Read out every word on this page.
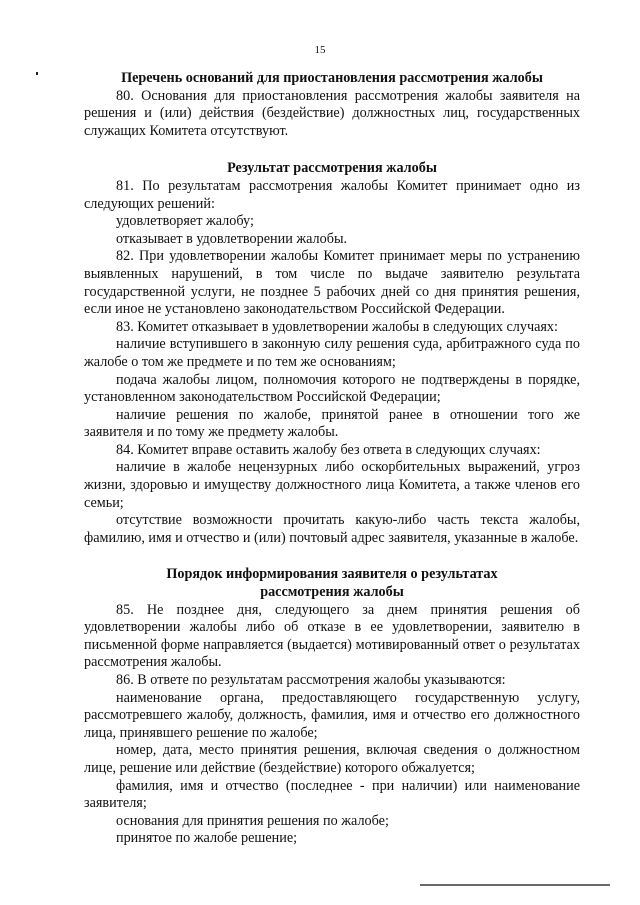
15
Перечень оснований для приостановления рассмотрения жалобы

80. Основания для приостановления рассмотрения жалобы заявителя на решения и (или) действия (бездействие) должностных лиц, государственных служащих Комитета отсутствуют.

Результат рассмотрения жалобы

81. По результатам рассмотрения жалобы Комитет принимает одно из следующих решений:

удовлетворяет жалобу;

отказывает в удовлетворении жалобы.

82. При удовлетворении жалобы Комитет принимает меры по устранению выявленных нарушений, в том числе по выдаче заявителю результата государственной услуги, не позднее 5 рабочих дней со дня принятия решения, если иное не установлено законодательством Российской Федерации.

83. Комитет отказывает в удовлетворении жалобы в следующих случаях:

наличие вступившего в законную силу решения суда, арбитражного суда по жалобе о том же предмете и по тем же основаниям;

подача жалобы лицом, полномочия которого не подтверждены в порядке, установленном законодательством Российской Федерации;

наличие решения по жалобе, принятой ранее в отношении того же заявителя и по тому же предмету жалобы.

84. Комитет вправе оставить жалобу без ответа в следующих случаях:

наличие в жалобе нецензурных либо оскорбительных выражений, угроз жизни, здоровью и имуществу должностного лица Комитета, а также членов его семьи;

отсутствие возможности прочитать какую-либо часть текста жалобы, фамилию, имя и отчество и (или) почтовый адрес заявителя, указанные в жалобе.

Порядок информирования заявителя о результатах
рассмотрения жалобы

85. Не позднее дня, следующего за днем принятия решения об удовлетворении жалобы либо об отказе в ее удовлетворении, заявителю в письменной форме направляется (выдается) мотивированный ответ о результатах рассмотрения жалобы.

86. В ответе по результатам рассмотрения жалобы указываются:

наименование органа, предоставляющего государственную услугу, рассмотревшего жалобу, должность, фамилия, имя и отчество его должностного лица, принявшего решение по жалобе;

номер, дата, место принятия решения, включая сведения о должностном лице, решение или действие (бездействие) которого обжалуется;

фамилия, имя и отчество (последнее - при наличии) или наименование заявителя;

основания для принятия решения по жалобе;

принятое по жалобе решение;
